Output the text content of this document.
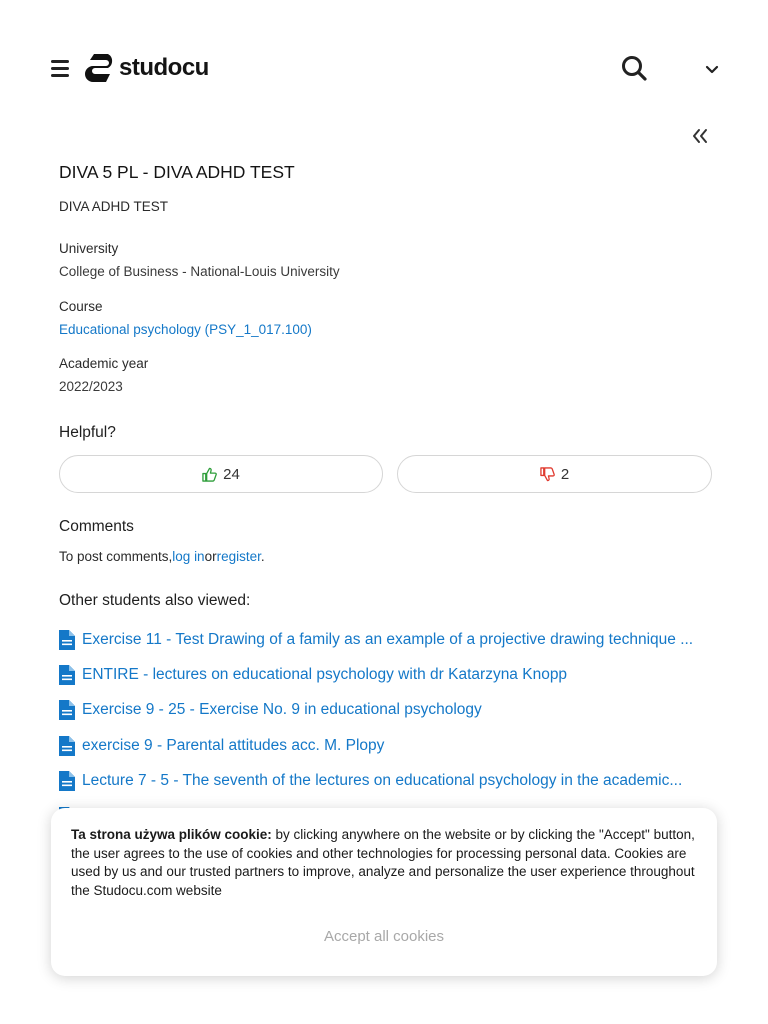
studocu
DIVA 5 PL - DIVA ADHD TEST
DIVA ADHD TEST
University
College of Business - National-Louis University
Course
Educational psychology (PSY_1_017.100)
Academic year
2022/2023
Helpful?
24	2
Comments
To post comments,log inorregister.
Other students also viewed:
Exercise 11 - Test Drawing of a family as an example of a projective drawing technique ...
ENTIRE - lectures on educational psychology with dr Katarzyna Knopp
Exercise 9 - 25 - Exercise No. 9 in educational psychology
exercise 9 - Parental attitudes acc. M. Plopy
Lecture 7 - 5 - The seventh of the lectures on educational psychology in the academic...
Ta strona używa plików cookie: by clicking anywhere on the website or by clicking the "Accept" button, the user agrees to the use of cookies and other technologies for processing personal data. Cookies are used by us and our trusted partners to improve, analyze and personalize the user experience throughout the Studocu.com website
Accept all cookies
